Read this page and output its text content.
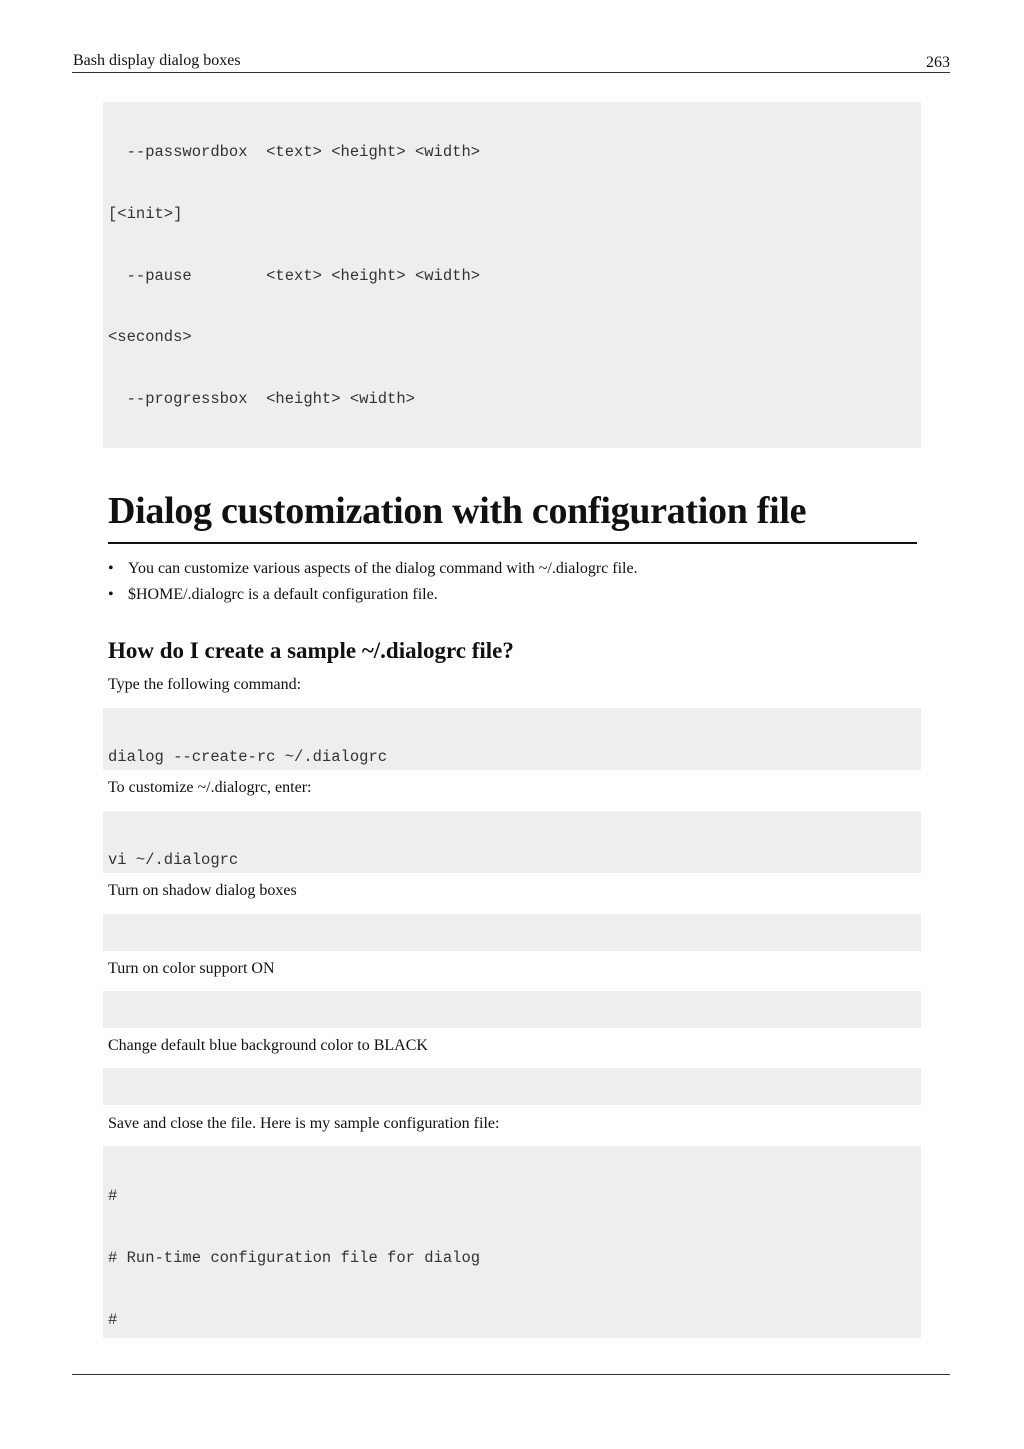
Bash display dialog boxes	263

--passwordbox  <text> <height> <width>

[<init>]

--pause        <text> <height> <width>

<seconds>

--progressbox  <height> <width>

Dialog customization with configuration file
• You can customize various aspects of the dialog command with ~/.dialogrc file.
• $HOME/.dialogrc is a default configuration file.
How do I create a sample ~/.dialogrc file?
Type the following command:

dialog --create-rc ~/.dialogrc

To customize ~/.dialogrc, enter:

vi ~/.dialogrc

Turn on shadow dialog boxes

Turn on color support ON

Change default blue background color to BLACK

Save and close the file. Here is my sample configuration file:

#

# Run-time configuration file for dialog

#
